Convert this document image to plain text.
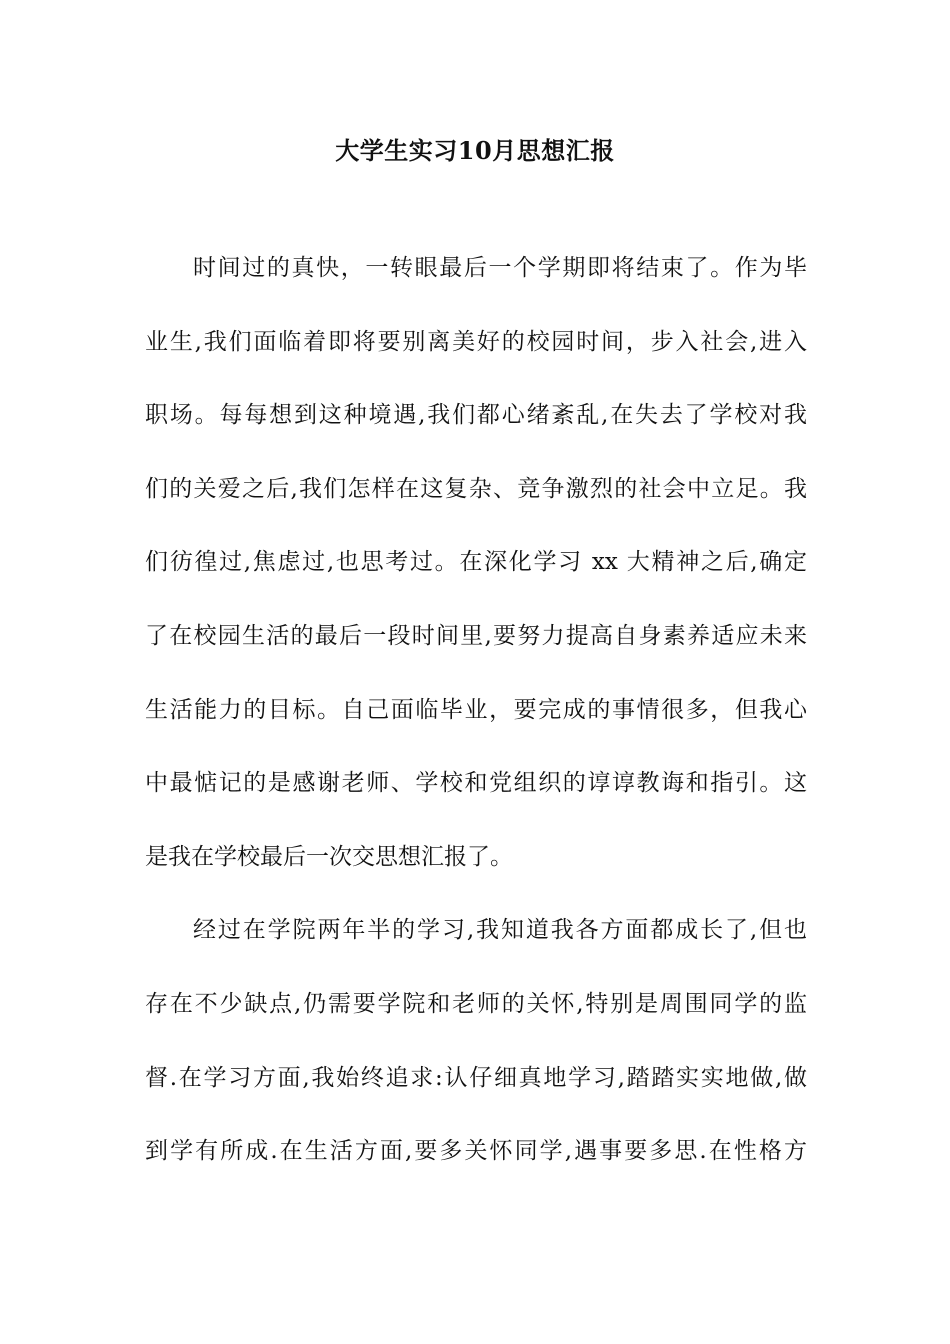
大学生实习10月思想汇报
时间过的真快，一转眼最后一个学期即将结束了。作为毕
业生,我们面临着即将要别离美好的校园时间，步入社会,进入
职场。每每想到这种境遇,我们都心绪紊乱,在失去了学校对我
们的关爱之后,我们怎样在这复杂、竞争激烈的社会中立足。我
们彷徨过,焦虑过,也思考过。在深化学习 xx 大精神之后,确定
了在校园生活的最后一段时间里,要努力提高自身素养适应未来
生活能力的目标。自己面临毕业，要完成的事情很多，但我心
中最惦记的是感谢老师、学校和党组织的谆谆教诲和指引。这
是我在学校最后一次交思想汇报了。
经过在学院两年半的学习,我知道我各方面都成长了,但也
存在不少缺点,仍需要学院和老师的关怀,特别是周围同学的监
督.在学习方面,我始终追求:认仔细真地学习,踏踏实实地做,做
到学有所成.在生活方面,要多关怀同学,遇事要多思.在性格方
